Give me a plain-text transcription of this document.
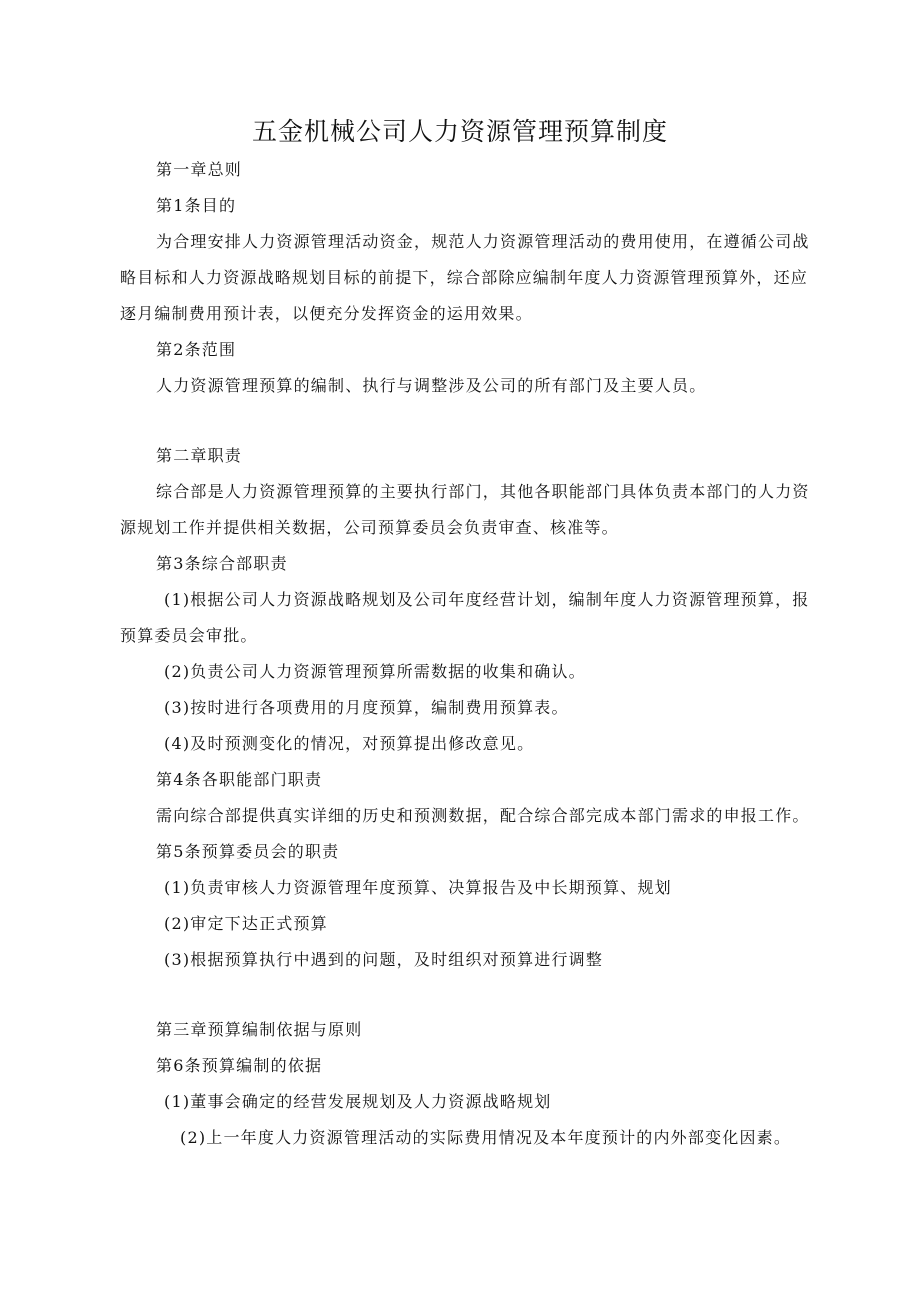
五金机械公司人力资源管理预算制度
第一章总则
第1条目的
为合理安排人力资源管理活动资金，规范人力资源管理活动的费用使用，在遵循公司战
略目标和人力资源战略规划目标的前提下，综合部除应编制年度人力资源管理预算外，还应
逐月编制费用预计表，以便充分发挥资金的运用效果。
第2条范围
人力资源管理预算的编制、执行与调整涉及公司的所有部门及主要人员。
第二章职责
综合部是人力资源管理预算的主要执行部门，其他各职能部门具体负责本部门的人力资
源规划工作并提供相关数据，公司预算委员会负责审查、核准等。
第3条综合部职责
(1)根据公司人力资源战略规划及公司年度经营计划，编制年度人力资源管理预算，报
预算委员会审批。
(2)负责公司人力资源管理预算所需数据的收集和确认。
(3)按时进行各项费用的月度预算，编制费用预算表。
(4)及时预测变化的情况，对预算提出修改意见。
第4条各职能部门职责
需向综合部提供真实详细的历史和预测数据，配合综合部完成本部门需求的申报工作。
第5条预算委员会的职责
(1)负责审核人力资源管理年度预算、决算报告及中长期预算、规划
(2)审定下达正式预算
(3)根据预算执行中遇到的问题，及时组织对预算进行调整
第三章预算编制依据与原则
第6条预算编制的依据
(1)董事会确定的经营发展规划及人力资源战略规划
(2)上一年度人力资源管理活动的实际费用情况及本年度预计的内外部变化因素。
